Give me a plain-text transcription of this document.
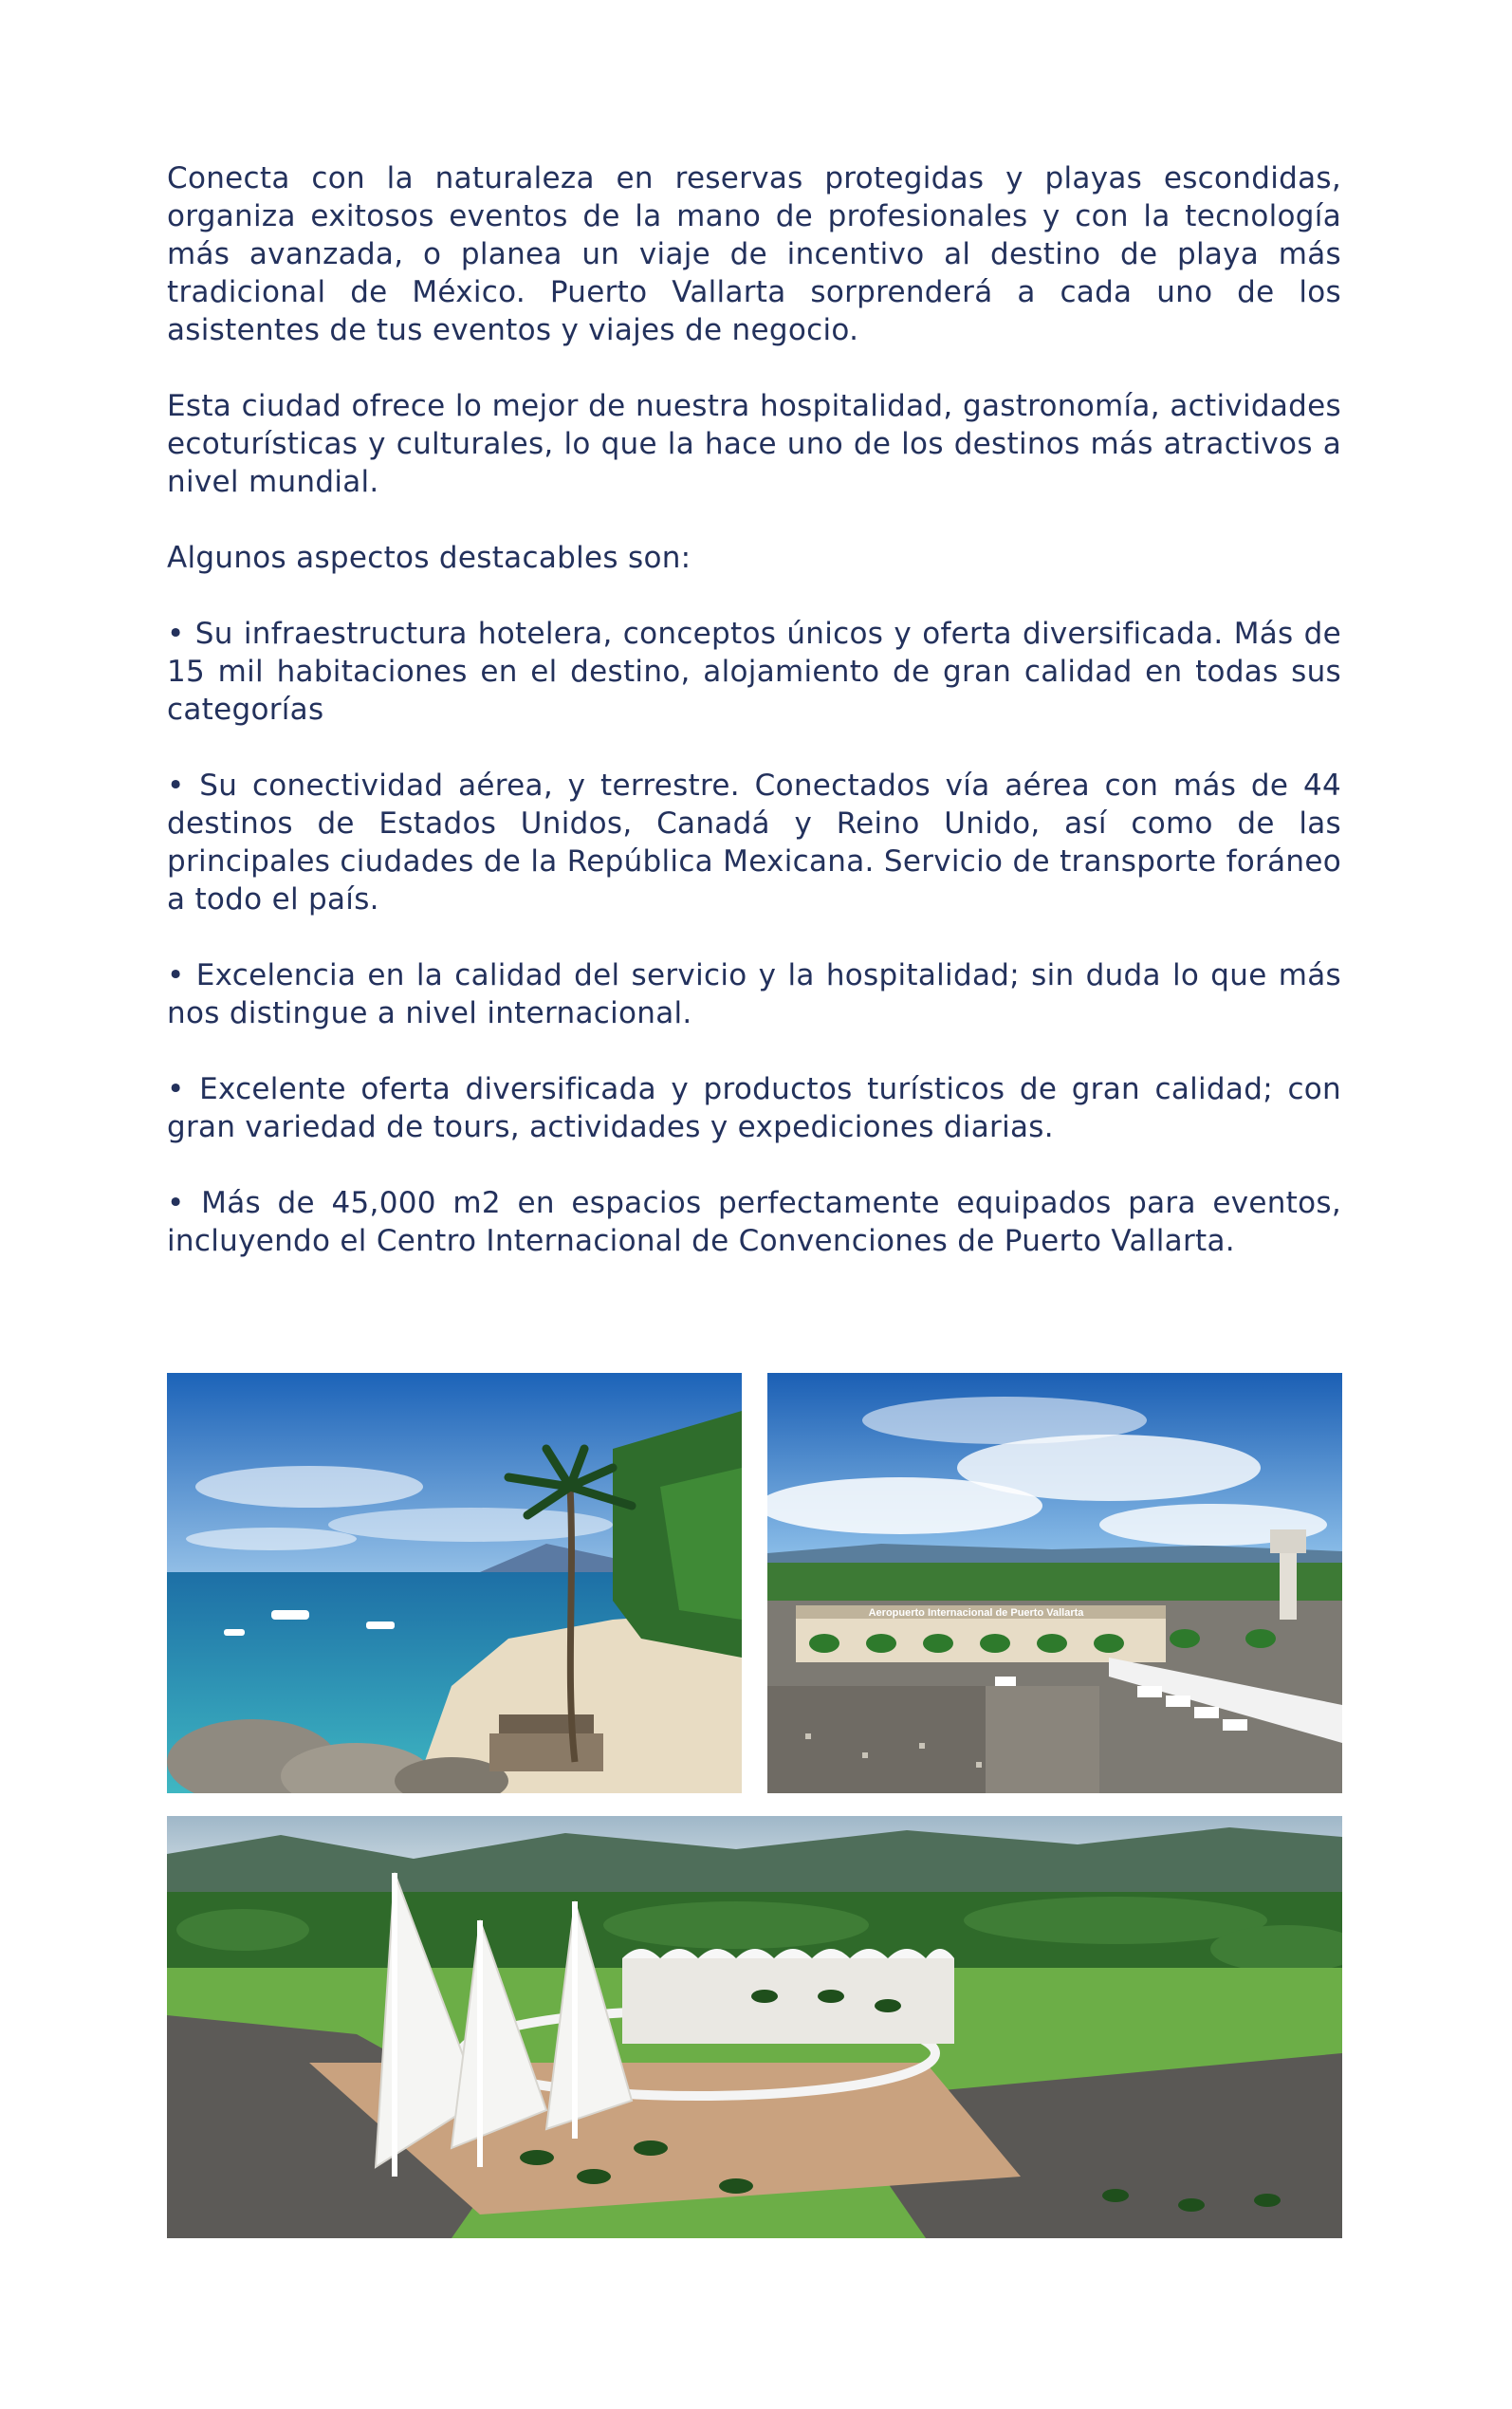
Conecta con la naturaleza en reservas protegidas y playas escondidas, organiza exitosos eventos de la mano de profesionales y con la tecnología más avanzada, o planea un viaje de incentivo al destino de playa más tradicional de México. Puerto Vallarta sorprenderá a cada uno de los asistentes de tus eventos y viajes de negocio.

Esta ciudad ofrece lo mejor de nuestra hospitalidad, gastronomía, actividades ecoturísticas y culturales, lo que la hace uno de los destinos más atractivos a nivel mundial.

Algunos aspectos destacables son:

• Su infraestructura hotelera, conceptos únicos y oferta diversificada. Más de 15 mil habitaciones en el destino, alojamiento de gran calidad en todas sus categorías

• Su conectividad aérea, y terrestre. Conectados vía aérea con más de 44 destinos de Estados Unidos, Canadá y Reino Unido, así como de las principales ciudades de la República Mexicana. Servicio de transporte foráneo a todo el país.

• Excelencia en la calidad del servicio y la hospitalidad; sin duda lo que más nos distingue a nivel internacional.

• Excelente oferta diversificada y productos turísticos de gran calidad; con gran variedad de tours, actividades y expediciones diarias.

• Más de 45,000 m2 en espacios perfectamente equipados para eventos, incluyendo el Centro Internacional de Convenciones de Puerto Vallarta.

Aeropuerto Internacional de Puerto Vallarta
